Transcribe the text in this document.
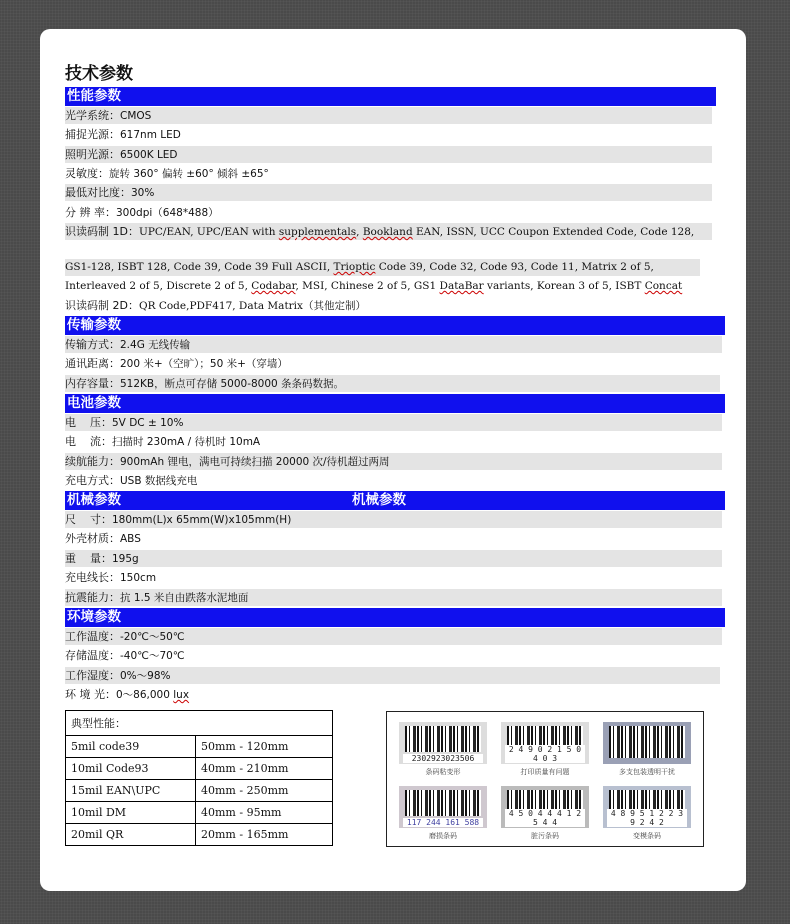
技术参数
性能参数
光学系统：CMOS
捕捉光源：617nm LED
照明光源：6500K LED
灵敏度：旋转 360° 偏转 ±60° 倾斜 ±65°
最低对比度：30%
分 辨 率：300dpi（648*488）
识读码制 1D：UPC/EAN, UPC/EAN with supplementals, Bookland EAN, ISSN, UCC Coupon Extended Code, Code 128,
GS1-128, ISBT 128, Code 39, Code 39 Full ASCII, Trioptic Code 39, Code 32, Code 93, Code 11, Matrix 2 of 5,
Interleaved 2 of 5, Discrete 2 of 5, Codabar, MSI, Chinese 2 of 5, GS1 DataBar variants, Korean 3 of 5, ISBT Concat
识读码制 2D：QR Code,PDF417, Data Matrix（其他定制）
传输参数
传输方式：2.4G 无线传输
通讯距离：200 米+（空旷）；50 米+（穿墙）
内存容量：512KB，断点可存储 5000-8000 条条码数据。
电池参数
电    压：5V DC ± 10%
电    流：扫描时 230mA / 待机时 10mA
续航能力：900mAh 锂电，满电可持续扫描 20000 次/待机超过两周
充电方式：USB 数据线充电
机械参数	机械参数
尺    寸：180mm(L)x 65mm(W)x105mm(H)
外壳材质：ABS
重    量：195g
充电线长：150cm
抗震能力：抗 1.5 米自由跌落水泥地面
环境参数
工作温度：-20℃～50℃
存储温度：-40℃～70℃
工作湿度：0%～98%
环 境 光：0～86,000 lux
典型性能：	
5mil code39	50mm - 120mm
10mil Code93	40mm - 210mm
15mil EAN\UPC	40mm - 250mm
10mil DM	40mm - 95mm
20mil QR	20mm - 165mm
2302923023506
条码粘变形
2 4 9 0 2 1 5 0 4 0 3
打印质量有问题	多支包装透明干扰
117 244 161 588
磨损条码
4 5 0 4 4 4 1 2 5 4 4
脏污条码
4 8 9 5 1 2 2 3 9 2 4 2
变模条码
